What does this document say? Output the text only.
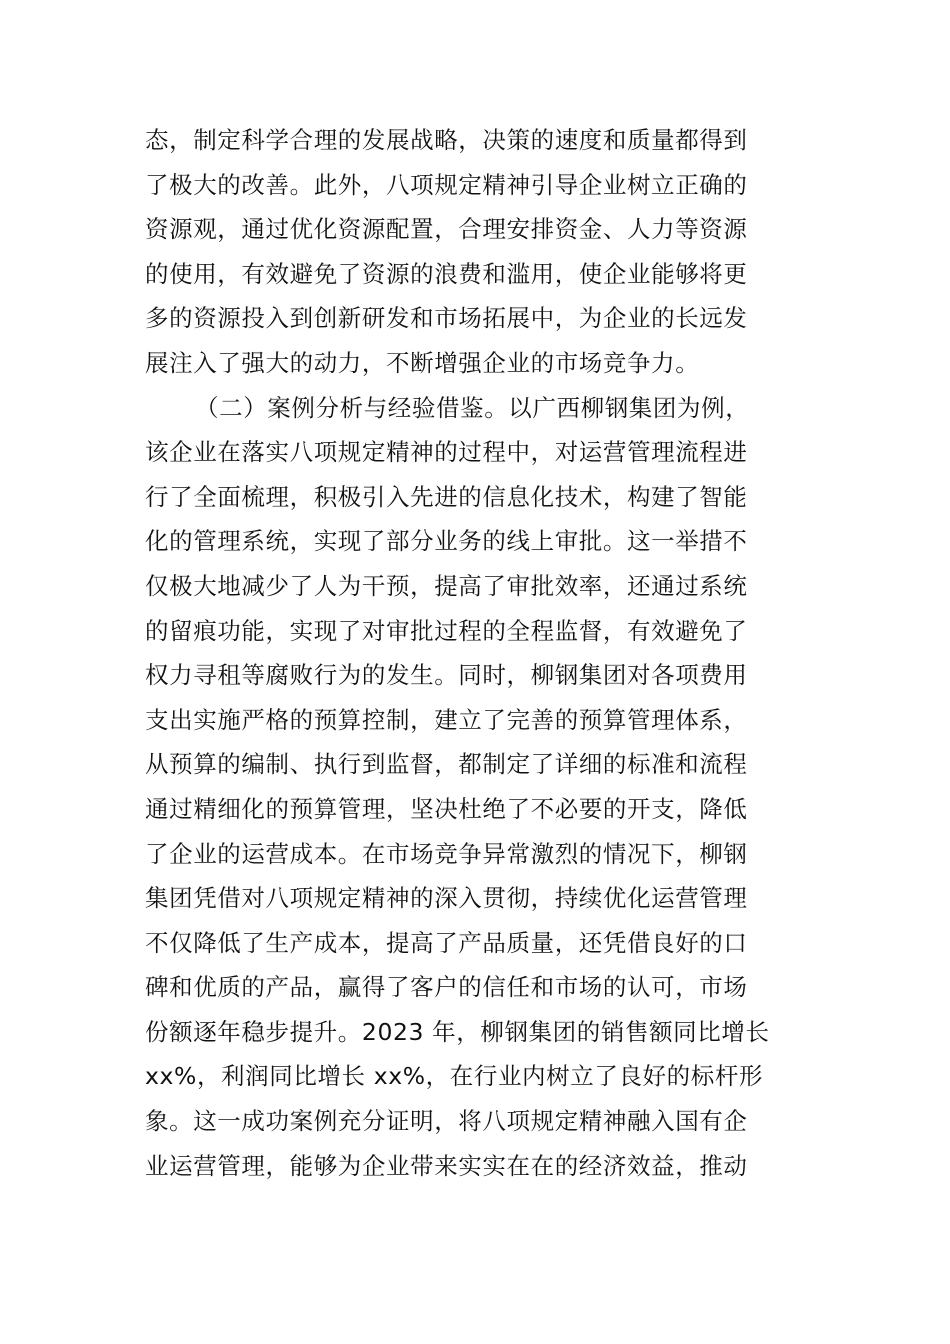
态，制定科学合理的发展战略，决策的速度和质量都得到
了极大的改善。此外，八项规定精神引导企业树立正确的
资源观，通过优化资源配置，合理安排资金、人力等资源
的使用，有效避免了资源的浪费和滥用，使企业能够将更
多的资源投入到创新研发和市场拓展中，为企业的长远发
展注入了强大的动力，不断增强企业的市场竞争力。
（二）案例分析与经验借鉴。以广西柳钢集团为例，
该企业在落实八项规定精神的过程中，对运营管理流程进
行了全面梳理，积极引入先进的信息化技术，构建了智能
化的管理系统，实现了部分业务的线上审批。这一举措不
仅极大地减少了人为干预，提高了审批效率，还通过系统
的留痕功能，实现了对审批过程的全程监督，有效避免了
权力寻租等腐败行为的发生。同时，柳钢集团对各项费用
支出实施严格的预算控制，建立了完善的预算管理体系，
从预算的编制、执行到监督，都制定了详细的标准和流程
通过精细化的预算管理，坚决杜绝了不必要的开支，降低
了企业的运营成本。在市场竞争异常激烈的情况下，柳钢
集团凭借对八项规定精神的深入贯彻，持续优化运营管理
不仅降低了生产成本，提高了产品质量，还凭借良好的口
碑和优质的产品，赢得了客户的信任和市场的认可，市场
份额逐年稳步提升。2023 年，柳钢集团的销售额同比增长
xx%，利润同比增长 xx%，在行业内树立了良好的标杆形
象。这一成功案例充分证明，将八项规定精神融入国有企
业运营管理，能够为企业带来实实在在的经济效益，推动
